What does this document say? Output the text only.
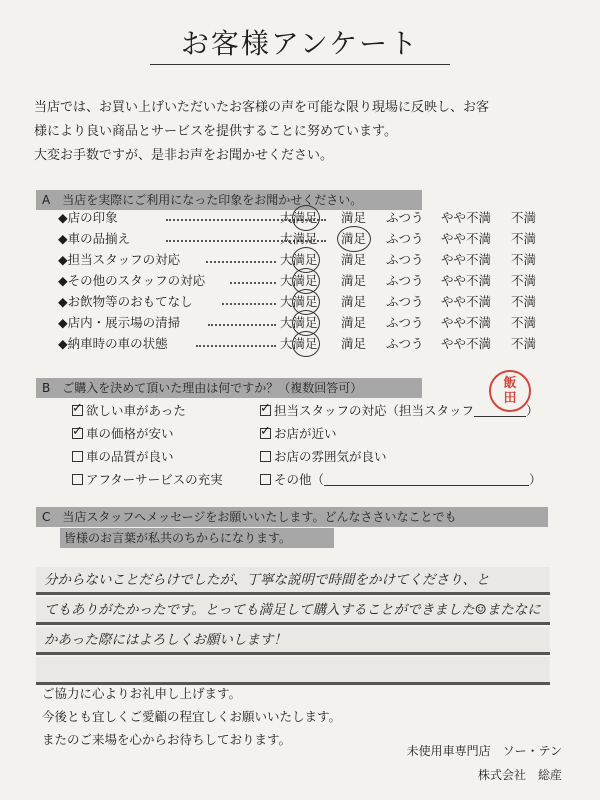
お客様アンケート
当店では、お買い上げいただいたお客様の声を可能な限り現場に反映し、お客
様により良い商品とサービスを提供することに努めています。
大変お手数ですが、是非お声をお聞かせください。
A　当店を実際にご利用になった印象をお聞かせください。
◆店の印象	大満足 満足 ふつう やや不満 不満
◆車の品揃え	大満足 満足 ふつう やや不満 不満
◆担当スタッフの対応	大満足 満足 ふつう やや不満 不満
◆その他のスタッフの対応	大満足 満足 ふつう やや不満 不満
◆お飲物等のおもてなし	大満足 満足 ふつう やや不満 不満
◆店内・展示場の清掃	大満足 満足 ふつう やや不満 不満
◆納車時の車の状態	大満足 満足 ふつう やや不満 不満
飯
田
B　ご購入を決めて頂いた理由は何ですか？（複数回答可）
✓欲しい車があった
✓車の価格が安い
車の品質が良い
アフターサービスの充実
✓担当スタッフの対応（担当スタッフ	）
✓お店が近い
お店の雰囲気が良い
その他（	）
C　当店スタッフへメッセージをお願いいたします。どんなささいなことでも
皆様のお言葉が私共のちからになります。
分からないことだらけでしたが、丁寧な説明で時間をかけてくださり、と
てもありがたかったです。とっても満足して購入することができました☺またなに
かあった際にはよろしくお願いします！
ご協力に心よりお礼申し上げます。
今後とも宜しくご愛顧の程宜しくお願いいたします。
またのご来場を心からお待ちしております。
未使用車専門店　ソー・テン
株式会社　総産
